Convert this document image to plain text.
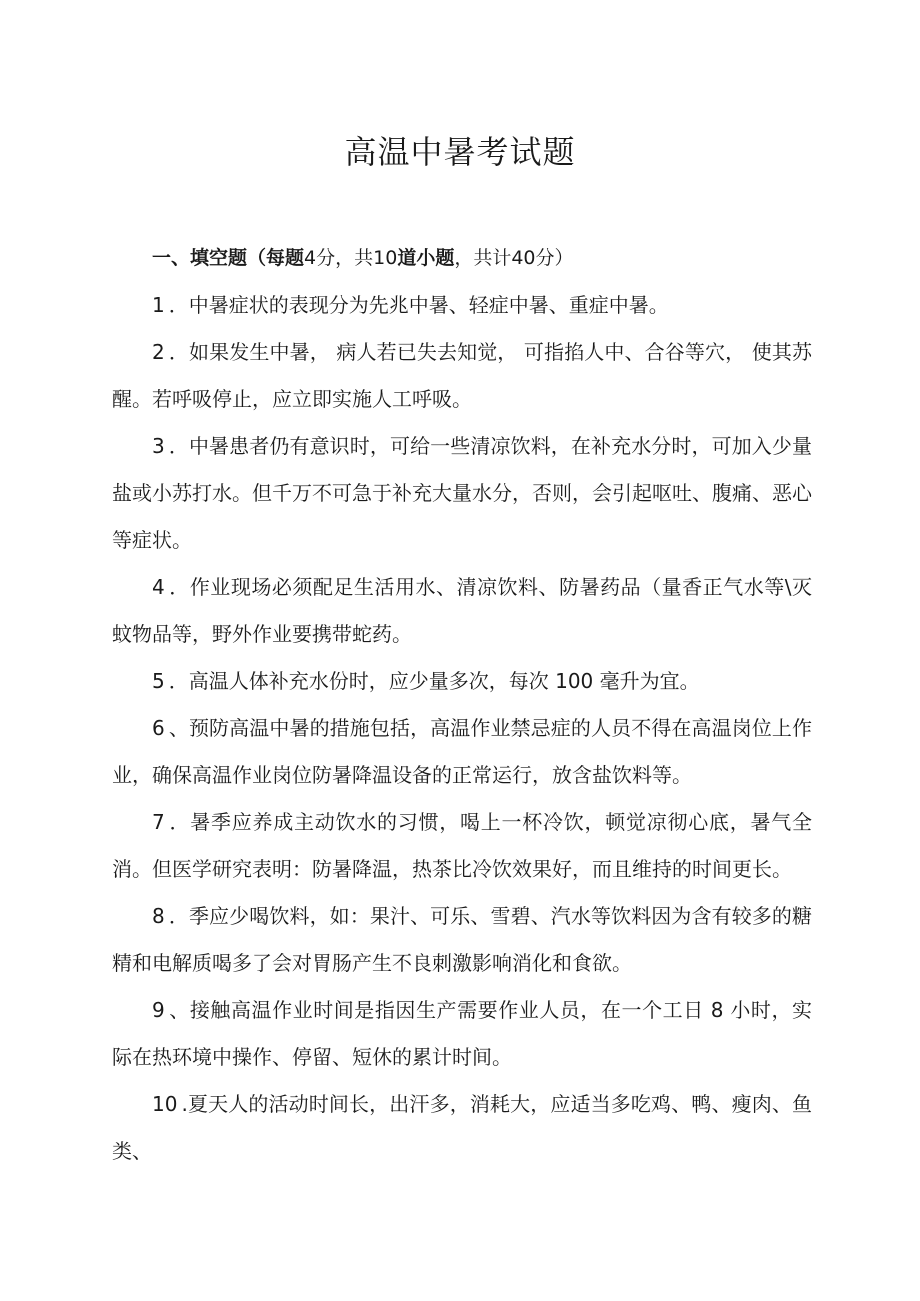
高温中暑考试题

一、填空题（每题4分，共10道小题，共计40分）

1 ．中暑症状的表现分为先兆中暑、轻症中暑、重症中暑。

2 ．如果发生中暑， 病人若已失去知觉， 可指掐人中、合谷等穴， 使其苏醒。若呼吸停止，应立即实施人工呼吸。

3 ．中暑患者仍有意识时，可给一些清凉饮料，在补充水分时，可加入少量盐或小苏打水。但千万不可急于补充大量水分，否则，会引起呕吐、腹痛、恶心等症状。

4 ．作业现场必须配足生活用水、清凉饮料、防暑药品（量香正气水等\灭蚊物品等，野外作业要携带蛇药。

5 ．高温人体补充水份时，应少量多次，每次 100 毫升为宜。

6 、预防高温中暑的措施包括，高温作业禁忌症的人员不得在高温岗位上作业，确保高温作业岗位防暑降温设备的正常运行，放含盐饮料等。

7 ．暑季应养成主动饮水的习惯，喝上一杯冷饮，顿觉凉彻心底，暑气全消。但医学研究表明：防暑降温，热茶比冷饮效果好，而且维持的时间更长。

8 ．季应少喝饮料，如：果汁、可乐、雪碧、汽水等饮料因为含有较多的糖精和电解质喝多了会对胃肠产生不良刺激影响消化和食欲。

9 、接触高温作业时间是指因生产需要作业人员，在一个工日 8 小时，实际在热环境中操作、停留、短休的累计时间。

10 .夏天人的活动时间长，出汗多，消耗大，应适当多吃鸡、鸭、瘦肉、鱼类、
